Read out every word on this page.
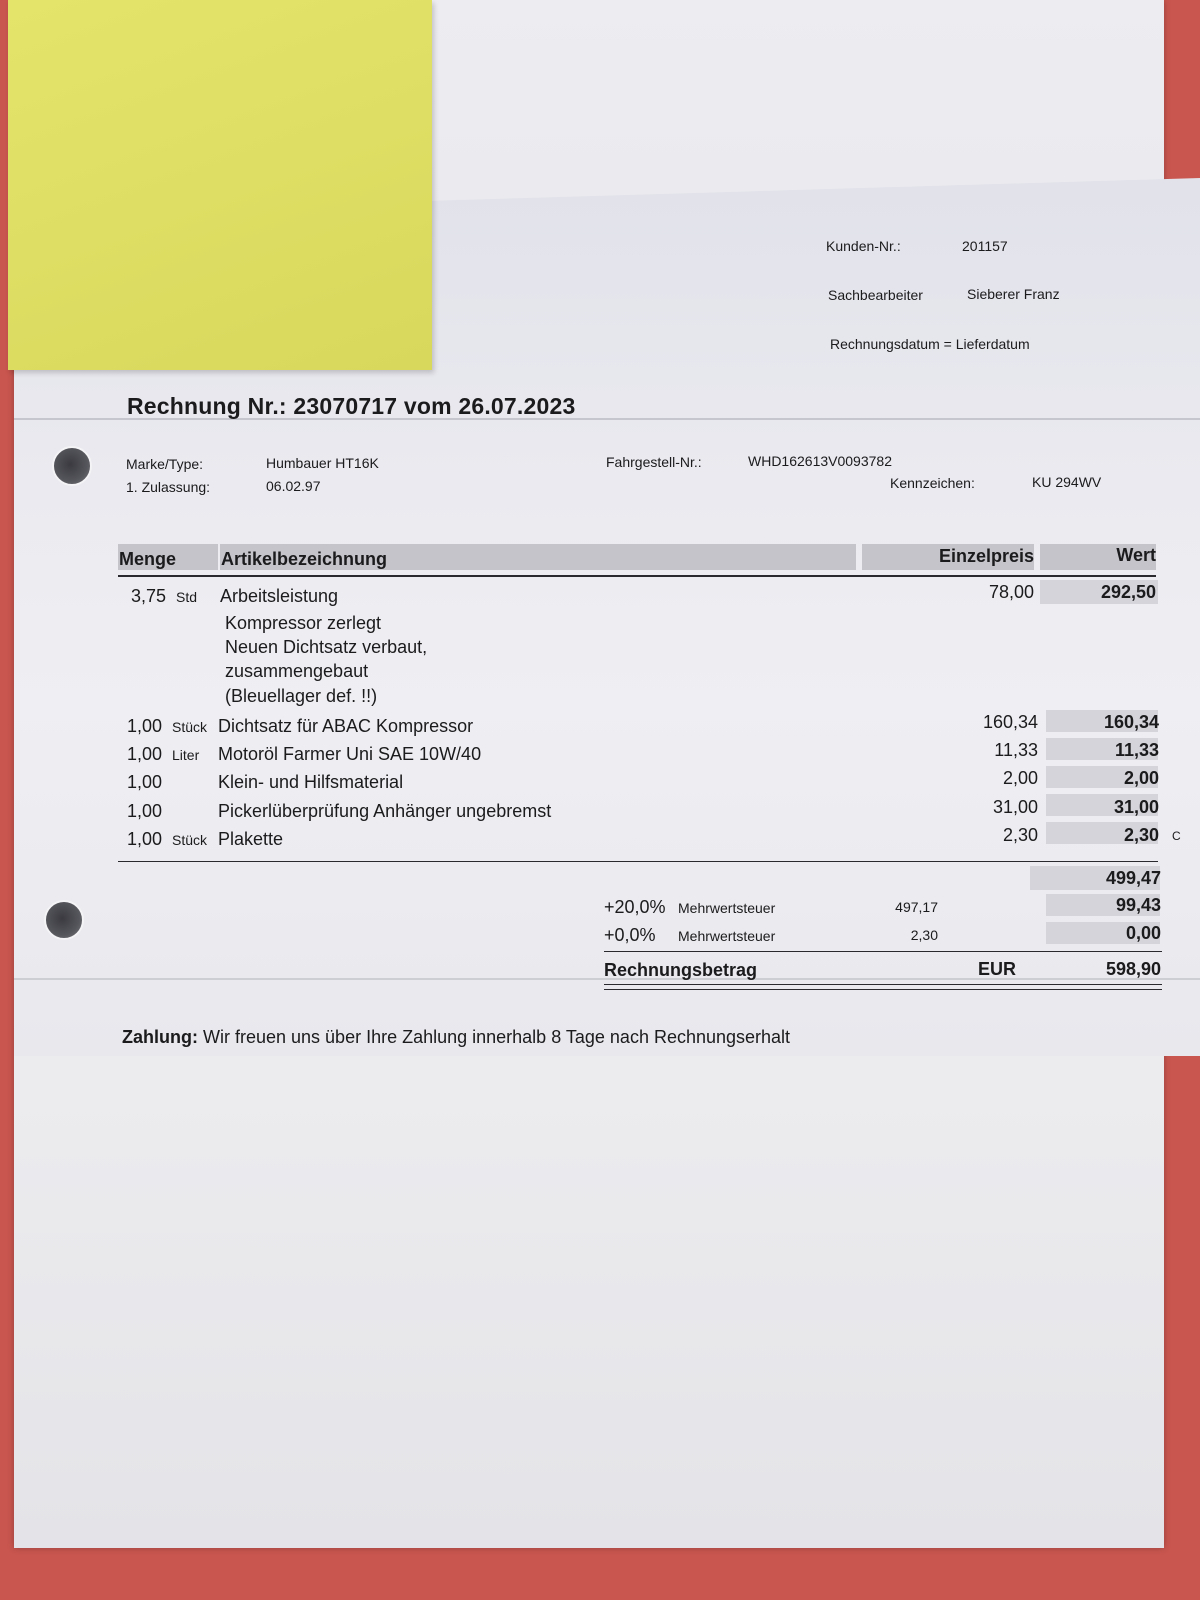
Kunden-Nr.:	201157
Sachbearbeiter	Sieberer Franz
Rechnungsdatum = Lieferdatum
Rechnung Nr.: 23070717 vom 26.07.2023
Marke/Type:	Humbauer HT16K
1. Zulassung:	06.02.97
Fahrgestell-Nr.:	WHD162613V0093782
Kennzeichen:	KU 294WV
Menge Artikelbezeichnung	Einzelpreis	Wert
3,75 Std Arbeitsleistung	78,00	292,50
Kompressor zerlegt
Neuen Dichtsatz verbaut,
zusammengebaut
(Bleuellager def. !!)
1,00 Stück Dichtsatz für ABAC Kompressor	160,34	160,34
1,00 Liter Motoröl Farmer Uni SAE 10W/40	11,33	11,33
1,00	Klein- und Hilfsmaterial	2,00	2,00
1,00	Pickerlüberprüfung Anhänger ungebremst	31,00	31,00
1,00 Stück Plakette	2,30	2,30 C
499,47
+20,0% Mehrwertsteuer	497,17	99,43
+0,0% Mehrwertsteuer	2,30	0,00
Rechnungsbetrag	EUR	598,90
Zahlung: Wir freuen uns über Ihre Zahlung innerhalb 8 Tage nach Rechnungserhalt
